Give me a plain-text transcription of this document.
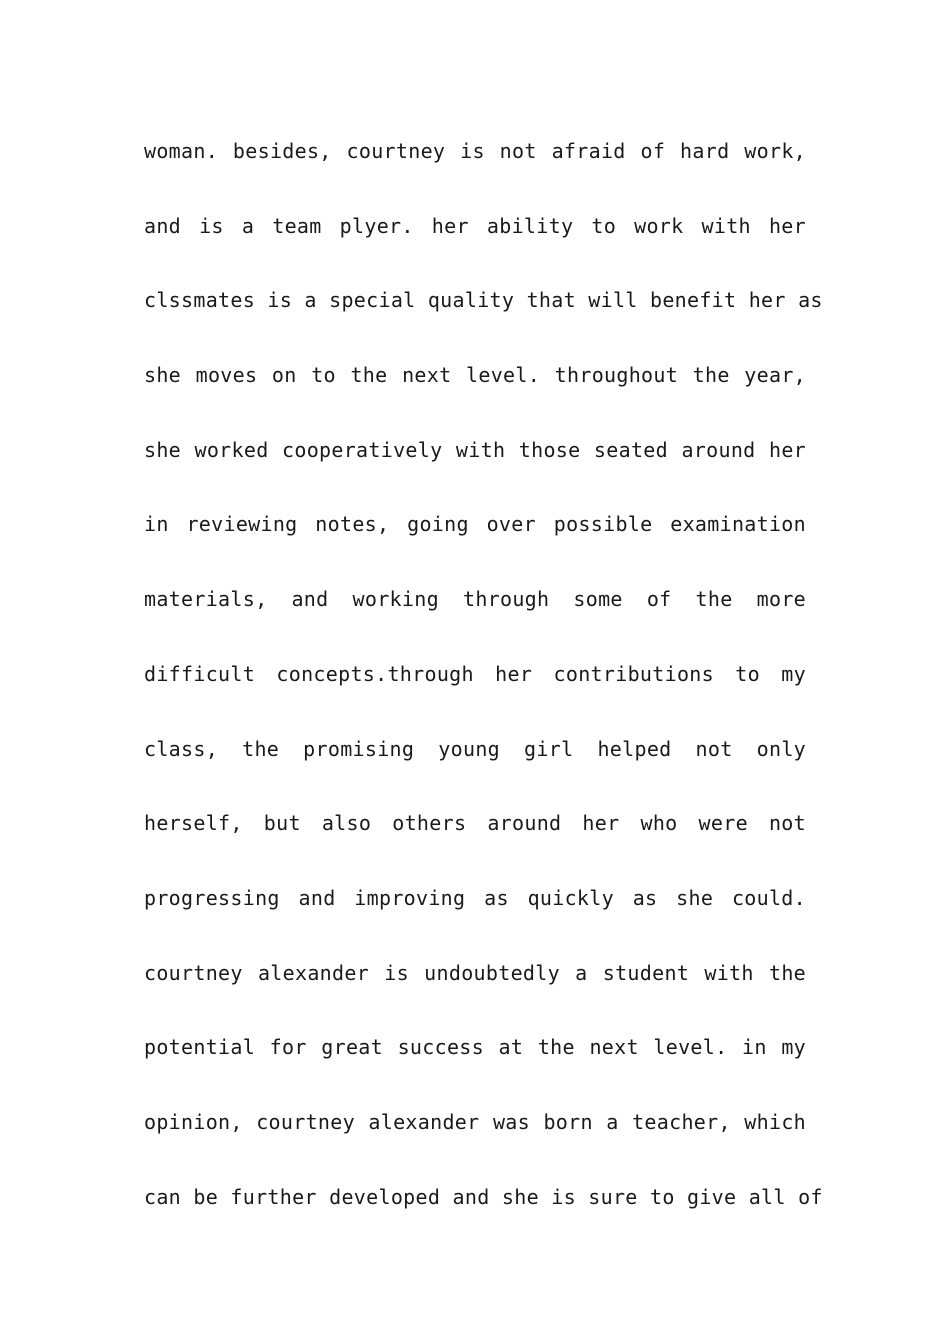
woman. besides, courtney is not afraid of hard work,
and is a team plyer. her ability to work with her
clssmates is a special quality that will benefit her as
she moves on to the next level. throughout the year,
she worked cooperatively with those seated around her
in reviewing notes, going over possible examination
materials, and working through some of the more
difficult concepts.through her contributions to my
class, the promising young girl helped not only
herself, but also others around her who were not
progressing and improving as quickly as she could.
courtney alexander is undoubtedly a student with the
potential for great success at the next level. in my
opinion, courtney alexander was born a teacher, which
can be further developed and she is sure to give all of
